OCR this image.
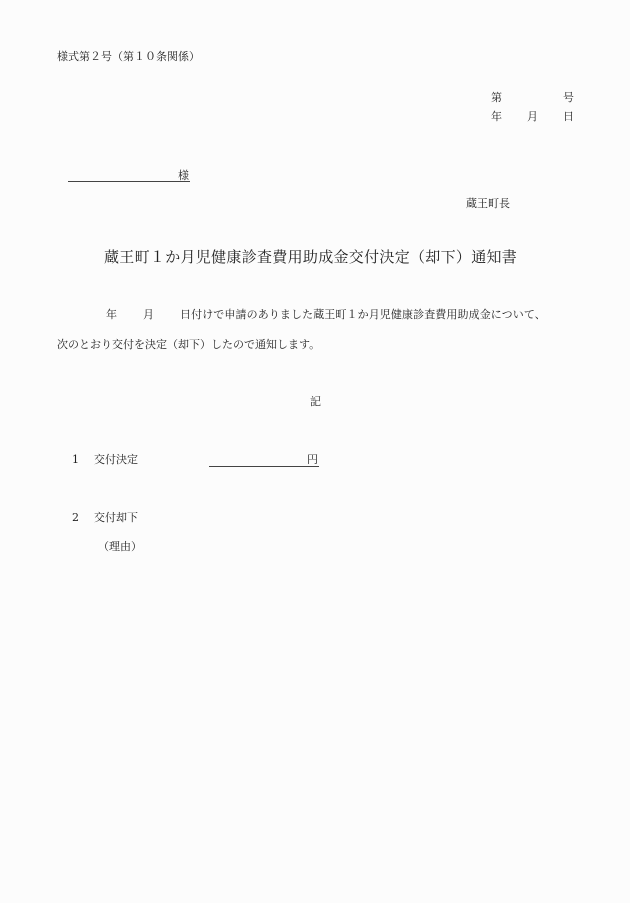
様式第２号（第１０条関係）
第	号
年 月 日
様
蔵王町長
蔵王町１か月児健康診査費用助成金交付決定（却下）通知書
年 月 日付けで申請のありました蔵王町１か月児健康診査費用助成金について、
次のとおり交付を決定（却下）したので通知します。
記
1 交付決定	円
2 交付却下
（理由）
